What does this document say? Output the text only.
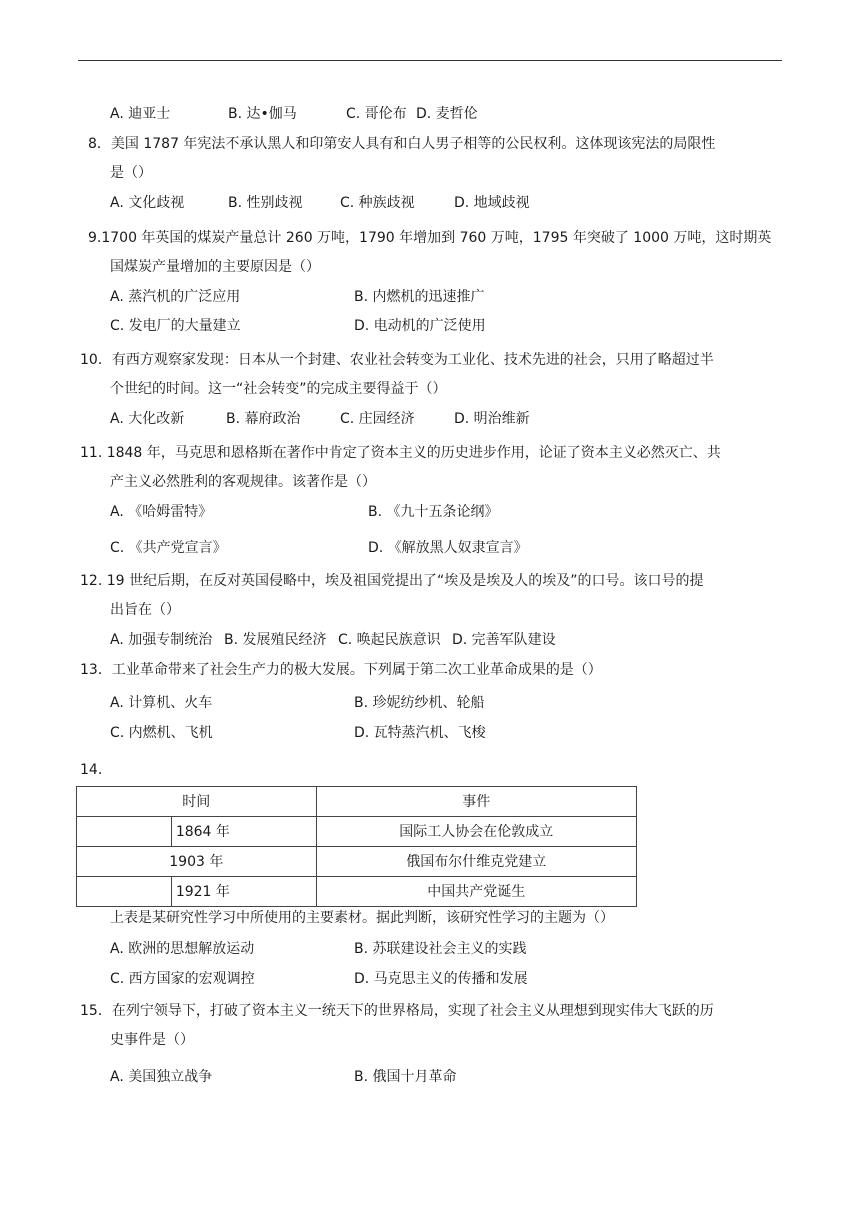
A. 迪亚士	B. 达•伽马	C. 哥伦布 D. 麦哲伦
8．美国 1787 年宪法不承认黑人和印第安人具有和白人男子相等的公民权利。这体现该宪法的局限性
是（）
A. 文化歧视	B. 性别歧视	C. 种族歧视	D. 地域歧视
9.1700 年英国的煤炭产量总计 260 万吨，1790 年增加到 760 万吨，1795 年突破了 1000 万吨，这时期英
国煤炭产量增加的主要原因是（）
A. 蒸汽机的广泛应用	B. 内燃机的迅速推广
C. 发电厂的大量建立	D. 电动机的广泛使用
10．有西方观察家发现：日本从一个封建、农业社会转变为工业化、技术先进的社会，只用了略超过半
个世纪的时间。这一“社会转变”的完成主要得益于（）
A. 大化改新	B. 幕府政治	C. 庄园经济	D. 明治维新
11. 1848 年，马克思和恩格斯在著作中肯定了资本主义的历史进步作用，论证了资本主义必然灭亡、共
产主义必然胜利的客观规律。该著作是（）
A. 《哈姆雷特》	B. 《九十五条论纲》
C. 《共产党宣言》	D. 《解放黑人奴隶宣言》
12. 19 世纪后期，在反对英国侵略中，埃及祖国党提出了“埃及是埃及人的埃及”的口号。该口号的提
出旨在（）
A. 加强专制统治 B. 发展殖民经济 C. 唤起民族意识 D. 完善军队建设
13．工业革命带来了社会生产力的极大发展。下列属于第二次工业革命成果的是（）
A. 计算机、火车	B. 珍妮纺纱机、轮船
C. 内燃机、飞机	D. 瓦特蒸汽机、飞梭
14.
时间		事件
	1864 年	国际工人协会在伦敦成立
1903 年		俄国布尔什维克党建立
	1921 年	中国共产党诞生
上表是某研究性学习中所使用的主要素材。据此判断，该研究性学习的主题为（）
A. 欧洲的思想解放运动	B. 苏联建设社会主义的实践
C. 西方国家的宏观调控	D. 马克思主义的传播和发展
15．在列宁领导下，打破了资本主义一统天下的世界格局，实现了社会主义从理想到现实伟大飞跃的历
史事件是（）
A. 美国独立战争	B. 俄国十月革命
